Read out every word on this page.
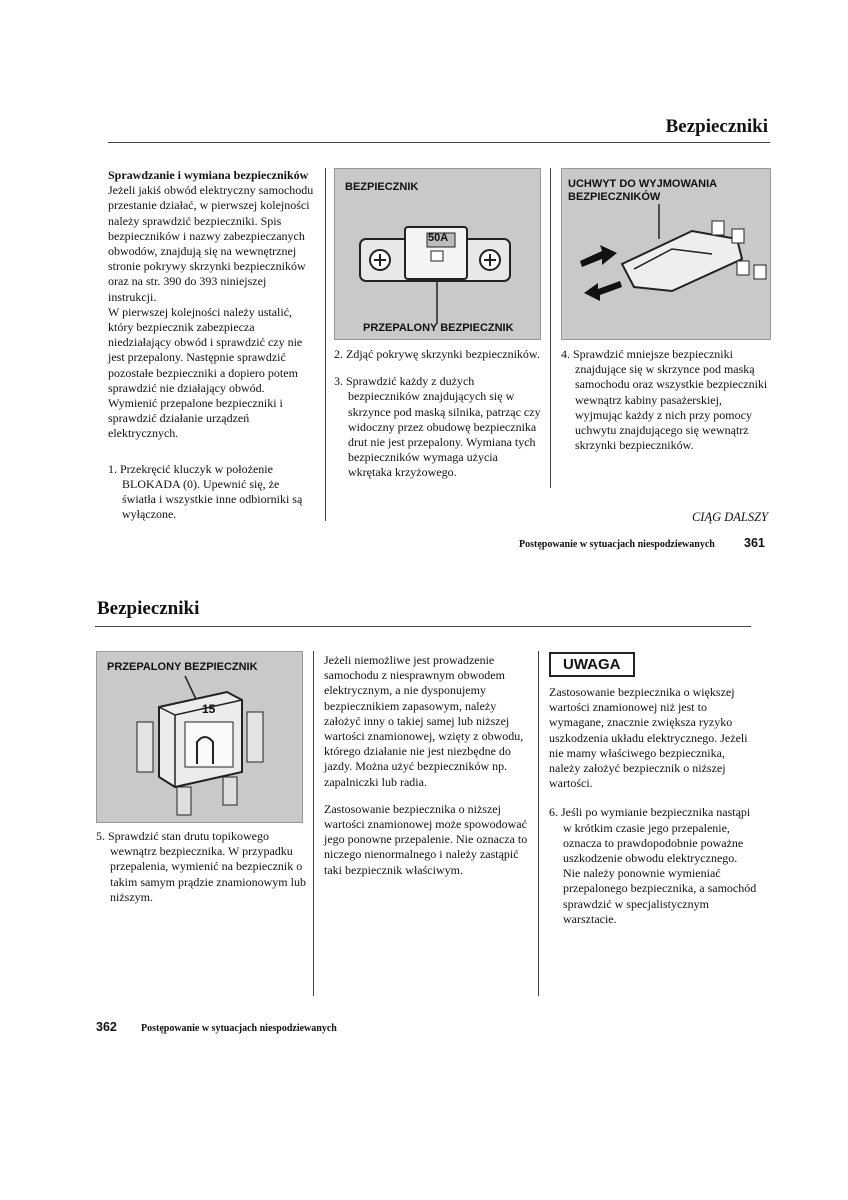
Bezpieczniki

Sprawdzanie i wymiana bezpieczników

Jeżeli jakiś obwód elektryczny samochodu przestanie działać, w pierwszej kolejności należy sprawdzić bezpieczniki. Spis bezpieczników i nazwy zabezpieczanych obwodów, znajdują się na wewnętrznej stronie pokrywy skrzynki bezpieczników oraz na str. 390 do 393 niniejszej instrukcji.

W pierwszej kolejności należy ustalić, który bezpiecznik zabezpiecza niedziałający obwód i sprawdzić czy nie jest przepalony. Następnie sprawdzić pozostałe bezpieczniki a dopiero potem sprawdzić nie działający obwód.

Wymienić przepalone bezpieczniki i sprawdzić działanie urządzeń elektrycznych.

1. Przekręcić kluczyk w położenie BLOKADA (0). Upewnić się, że światła i wszystkie inne odbiorniki są wyłączone.

BEZPIECZNIK
50A
PRZEPALONY BEZPIECZNIK

2. Zdjąć pokrywę skrzynki bezpieczników.

3. Sprawdzić każdy z dużych bezpieczników znajdujących się w skrzynce pod maską silnika, patrząc czy widoczny przez obudowę bezpiecznika drut nie jest przepalony. Wymiana tych bezpieczników wymaga użycia wkrętaka krzyżowego.

UCHWYT DO WYJMOWANIA
BEZPIECZNIKÓW

4. Sprawdzić mniejsze bezpieczniki znajdujące się w skrzynce pod maską samochodu oraz wszystkie bezpieczniki wewnątrz kabiny pasażerskiej, wyjmując każdy z nich przy pomocy uchwytu znajdującego się wewnątrz skrzynki bezpieczników.

CIĄG DALSZY
Postępowanie w sytuacjach niespodziewanych 361
Bezpieczniki
PRZEPALONY BEZPIECZNIK
15

5. Sprawdzić stan drutu topikowego wewnątrz bezpiecznika. W przypadku przepalenia, wymienić na bezpiecznik o takim samym prądzie znamionowym lub niższym.

Jeżeli niemożliwe jest prowadzenie samochodu z niesprawnym obwodem elektrycznym, a nie dysponujemy bezpiecznikiem zapasowym, należy założyć inny o takiej samej lub niższej wartości znamionowej, wzięty z obwodu, którego działanie nie jest niezbędne do jazdy. Można użyć bezpieczników np. zapalniczki lub radia.

Zastosowanie bezpiecznika o niższej wartości znamionowej może spowodować jego ponowne przepalenie. Nie oznacza to niczego nienormalnego i należy zastąpić taki bezpiecznik właściwym.

UWAGA

Zastosowanie bezpiecznika o większej wartości znamionowej niż jest to wymagane, znacznie zwiększa ryzyko uszkodzenia układu elektrycznego. Jeżeli nie mamy właściwego bezpiecznika, należy założyć bezpiecznik o niższej wartości.

6. Jeśli po wymianie bezpiecznika nastąpi w krótkim czasie jego przepalenie, oznacza to prawdopodobnie poważne uszkodzenie obwodu elektrycznego. Nie należy ponownie wymieniać przepalonego bezpiecznika, a samochód sprawdzić w specjalistycznym warsztacie.

362 Postępowanie w sytuacjach niespodziewanych
